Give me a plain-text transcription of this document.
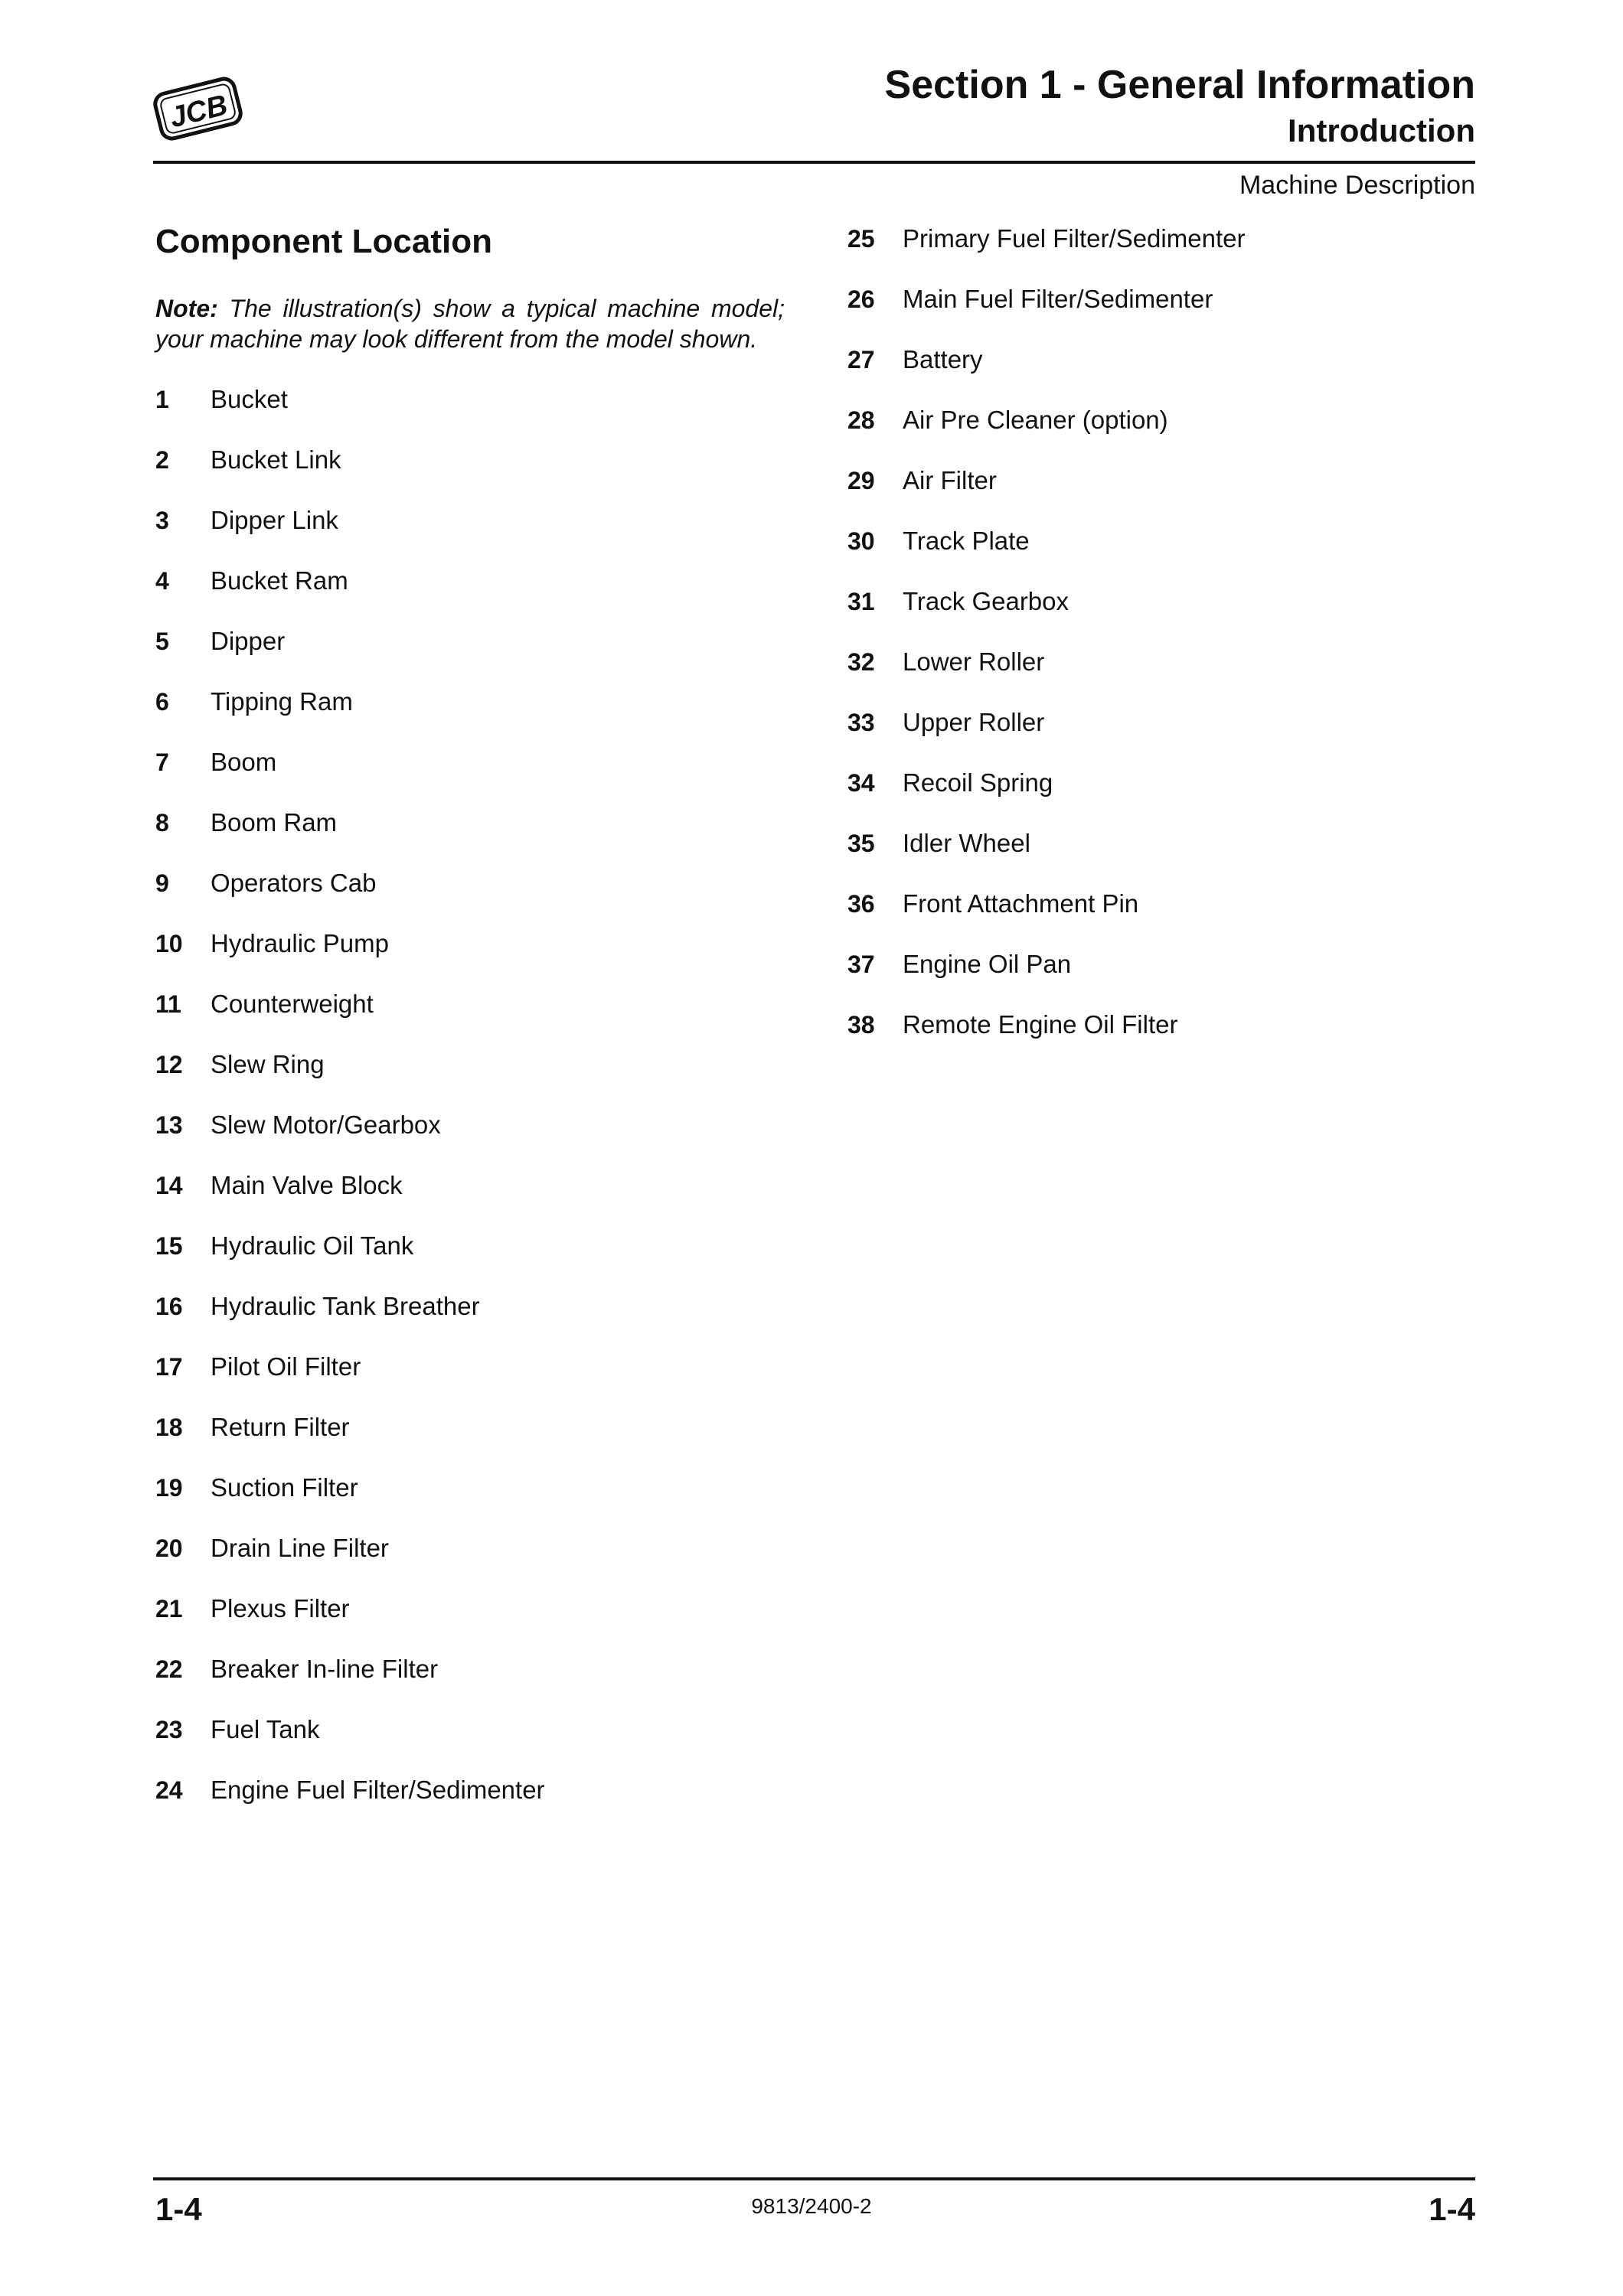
JCB
Section 1 - General Information
Introduction
Machine Description
Component Location
Note: The illustration(s) show a typical machine model; your machine may look different from the model shown.
1	Bucket
2	Bucket Link
3	Dipper Link
4	Bucket Ram
5	Dipper
6	Tipping Ram
7	Boom
8	Boom Ram
9	Operators Cab
10	Hydraulic Pump
11	Counterweight
12	Slew Ring
13	Slew Motor/Gearbox
14	Main Valve Block
15	Hydraulic Oil Tank
16	Hydraulic Tank Breather
17	Pilot Oil Filter
18	Return Filter
19	Suction Filter
20	Drain Line Filter
21	Plexus Filter
22	Breaker In-line Filter
23	Fuel Tank
24	Engine Fuel Filter/Sedimenter
25	Primary Fuel Filter/Sedimenter
26	Main Fuel Filter/Sedimenter
27	Battery
28	Air Pre Cleaner (option)
29	Air Filter
30	Track Plate
31	Track Gearbox
32	Lower Roller
33	Upper Roller
34	Recoil Spring
35	Idler Wheel
36	Front Attachment Pin
37	Engine Oil Pan
38	Remote Engine Oil Filter
1-4	9813/2400-2	1-4
